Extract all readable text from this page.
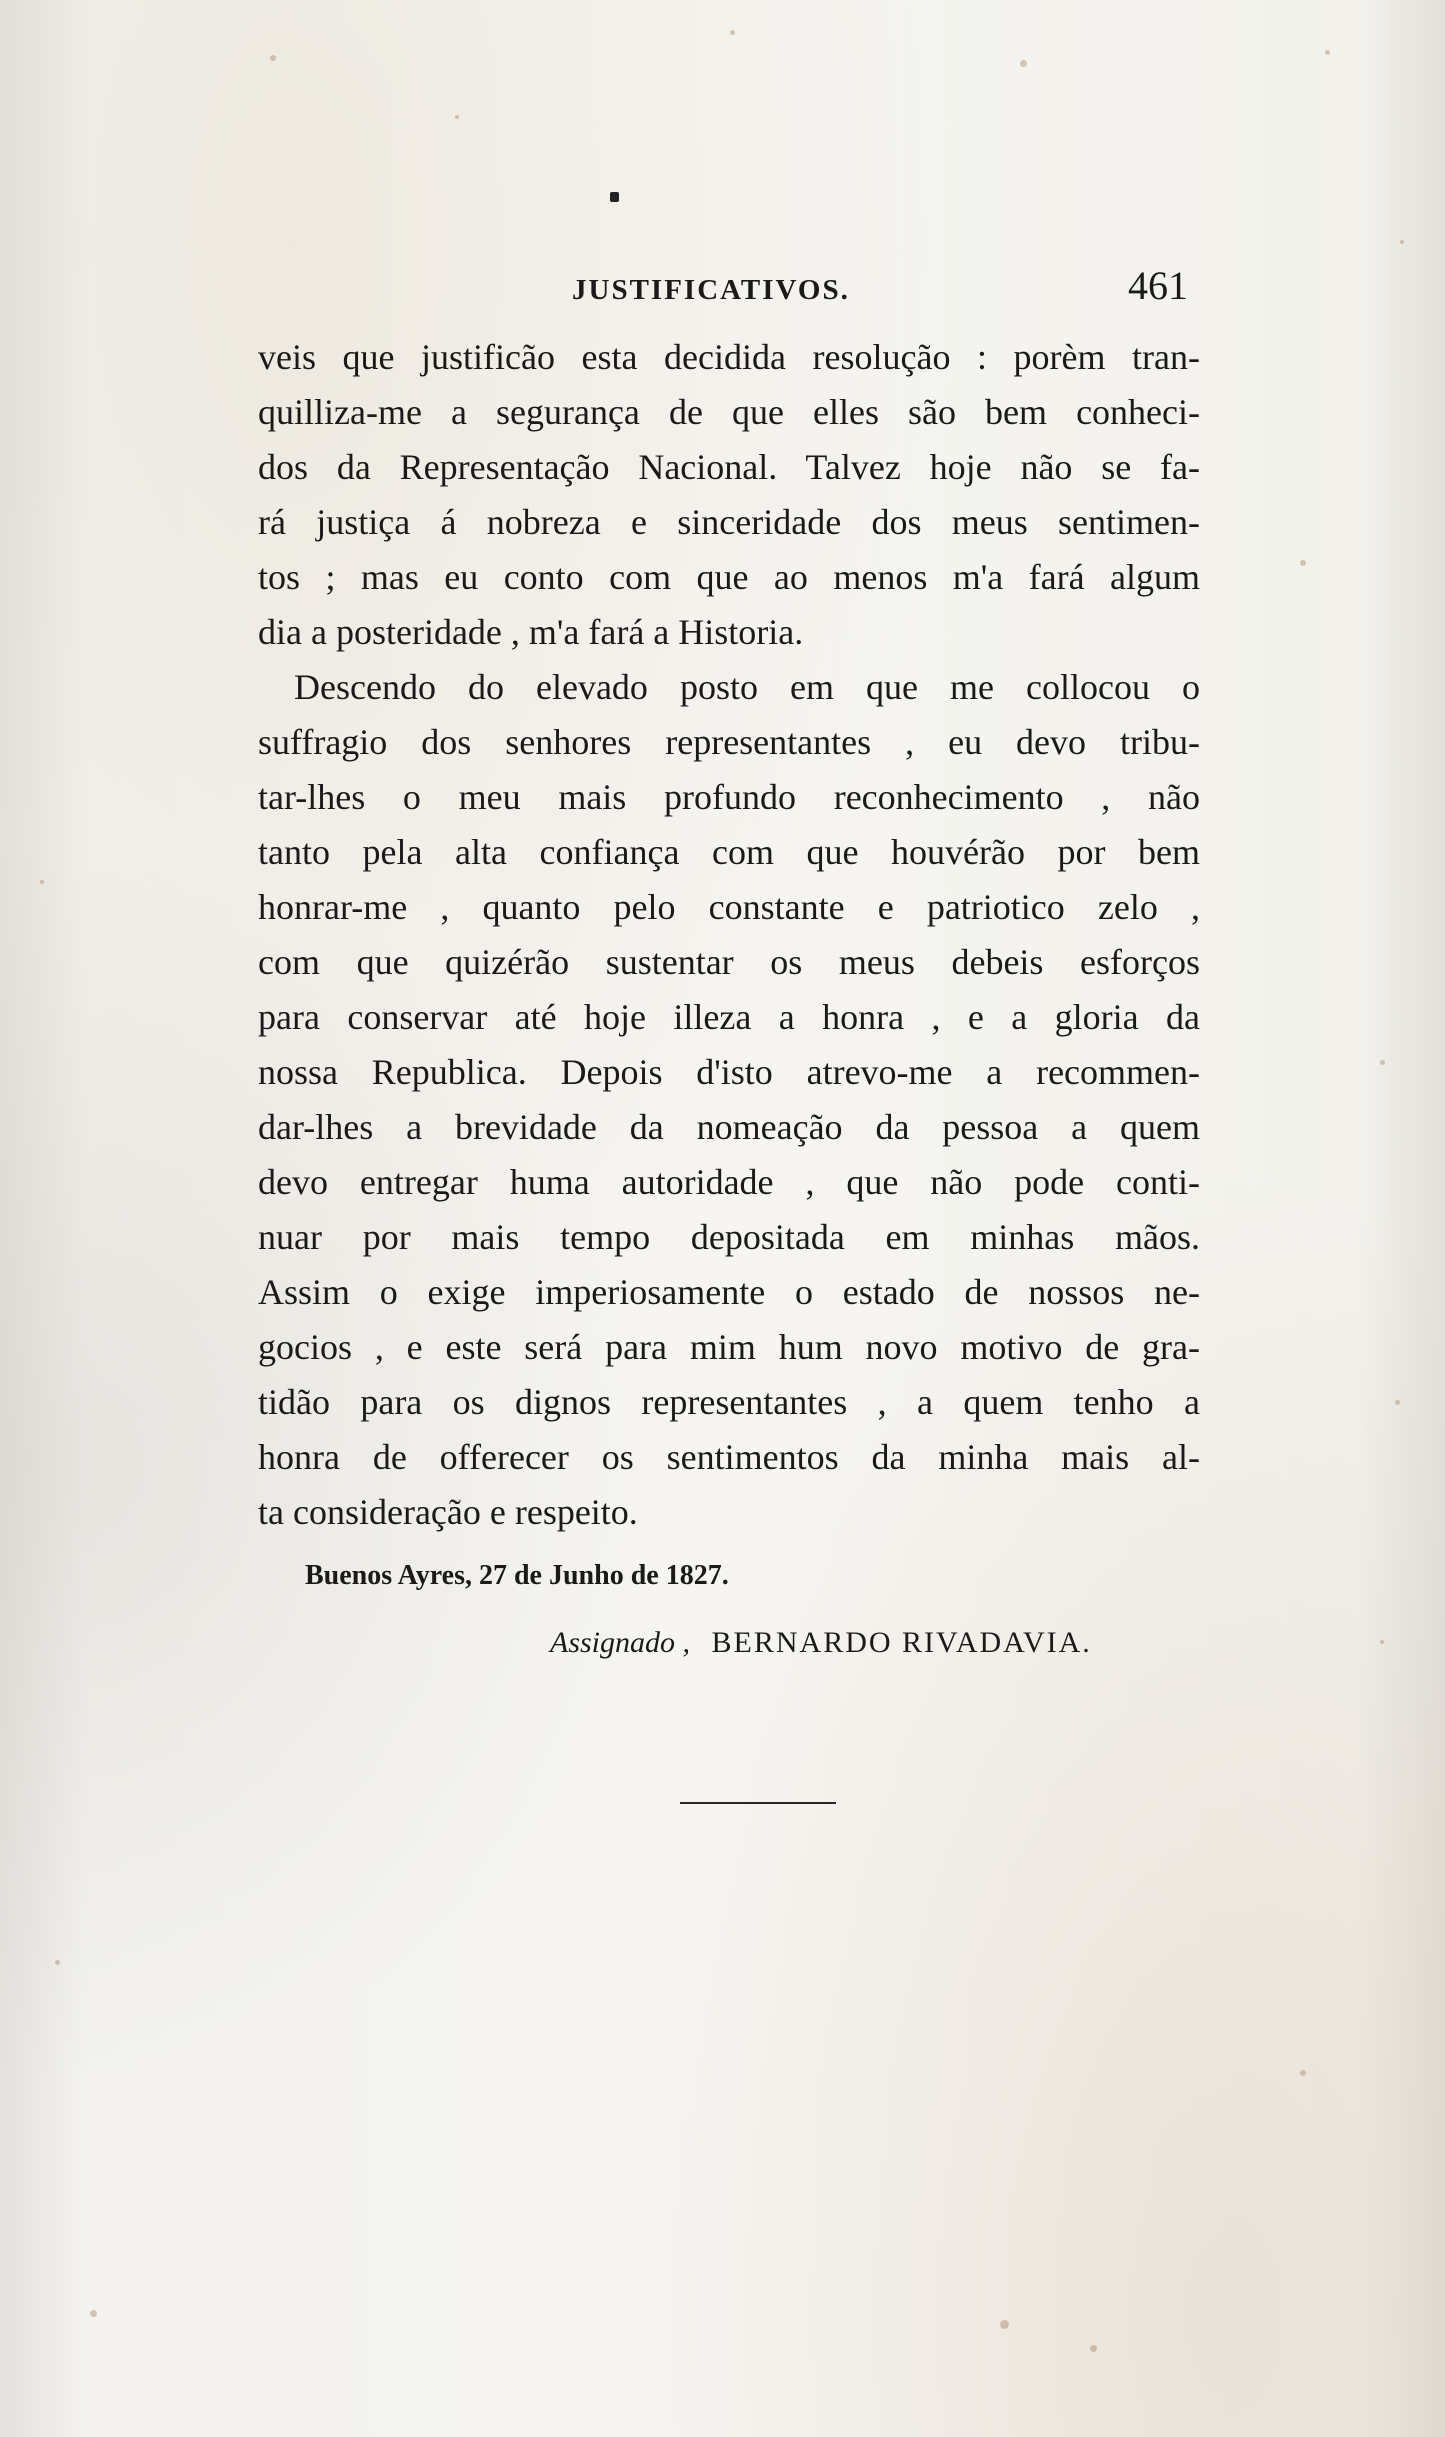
JUSTIFICATIVOS.	461
veis que justificão esta decidida resolução : porèm tran-
quilliza-me a segurança de que elles são bem conheci-
dos da Representação Nacional. Talvez hoje não se fa-
rá justiça á nobreza e sinceridade dos meus sentimen-
tos ; mas eu conto com que ao menos m'a fará algum
dia a posteridade , m'a fará a Historia.
Descendo do elevado posto em que me collocou o
suffragio dos senhores representantes , eu devo tribu-
tar-lhes o meu mais profundo reconhecimento , não
tanto pela alta confiança com que houvérão por bem
honrar-me , quanto pelo constante e patriotico zelo ,
com que quizérão sustentar os meus debeis esforços
para conservar até hoje illeza a honra , e a gloria da
nossa Republica. Depois d'isto atrevo-me a recommen-
dar-lhes a brevidade da nomeação da pessoa a quem
devo entregar huma autoridade , que não pode conti-
nuar por mais tempo depositada em minhas mãos.
Assim o exige imperiosamente o estado de nossos ne-
gocios , e este será para mim hum novo motivo de gra-
tidão para os dignos representantes , a quem tenho a
honra de offerecer os sentimentos da minha mais al-
ta consideração e respeito.
Buenos Ayres, 27 de Junho de 1827.
Assignado , BERNARDO RIVADAVIA.
